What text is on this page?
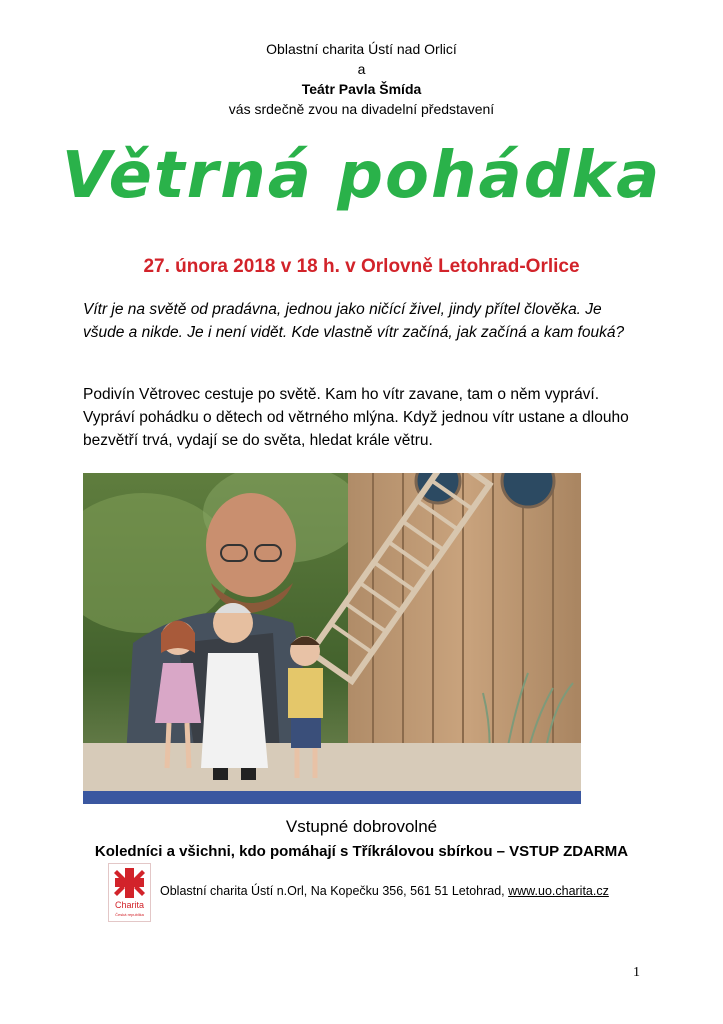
Oblastní charita Ústí nad Orlicí
a
Teátr Pavla Šmída
vás srdečně zvou na divadelní představení
Větrná pohádka
27. února 2018 v 18 h. v Orlovně Letohrad-Orlice
Vítr je na světě od pradávna, jednou jako ničící živel, jindy přítel člověka. Je
všude a nikde. Je i není vidět. Kde vlastně vítr začíná, jak začíná a kam fouká?
Podivín Větrovec cestuje po světě. Kam ho vítr zavane, tam o něm vypráví.
Vypráví pohádku o dětech od větrného mlýna. Když jednou vítr ustane a dlouho
bezvětří trvá, vydají se do světa, hledat krále větru.
Vstupné dobrovolné
Koledníci a všichni, kdo pomáhají s Tříkrálovou sbírkou – VSTUP ZDARMA
Charita
Česká republika
Oblastní charita Ústí n.Orl, Na Kopečku 356, 561 51 Letohrad, www.uo.charita.cz
1
